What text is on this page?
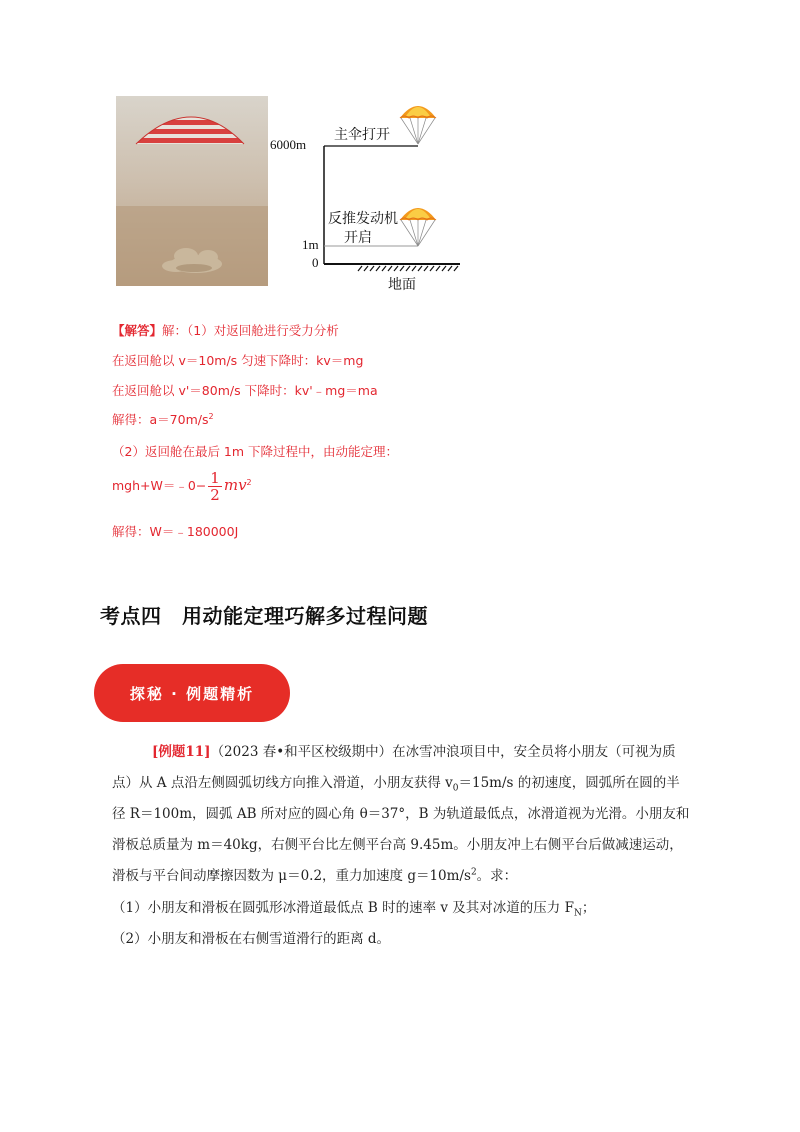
6000m
1m
0
主伞打开
反推发动机
开启
地面
【解答】解：（1）对返回舱进行受力分析
在返回舱以 v＝10m/s 匀速下降时：kv＝mg
在返回舱以 v'＝80m/s 下降时：kv'﹣mg＝ma
解得：$a=70m/s^2$
（2）返回舱在最后 1m 下降过程中，由动能定理：
mgh+W＝﹣0− $\frac{1}{2} mv^2$
解得：W＝﹣180000J
考点四　用动能定理巧解多过程问题
探秘 · 例题精析
[例题11]（2023 春•和平区校级期中）在冰雪冲浪项目中，安全员将小朋友（可视为质
点）从 A 点沿左侧圆弧切线方向推入滑道，小朋友获得 $v_0=15m/s$ 的初速度，圆弧所在圆的半
径 R＝100m，圆弧 AB 所对应的圆心角 θ＝37°，B 为轨道最低点，冰滑道视为光滑。小朋友和
滑板总质量为 m＝40kg，右侧平台比左侧平台高 9.45m。小朋友冲上右侧平台后做减速运动，
滑板与平台间动摩擦因数为 μ＝0.2，重力加速度 $g=10m/s^2$。求：
（1）小朋友和滑板在圆弧形冰滑道最低点 B 时的速率 v 及其对冰道的压力 $F_N$；
（2）小朋友和滑板在右侧雪道滑行的距离 d。
